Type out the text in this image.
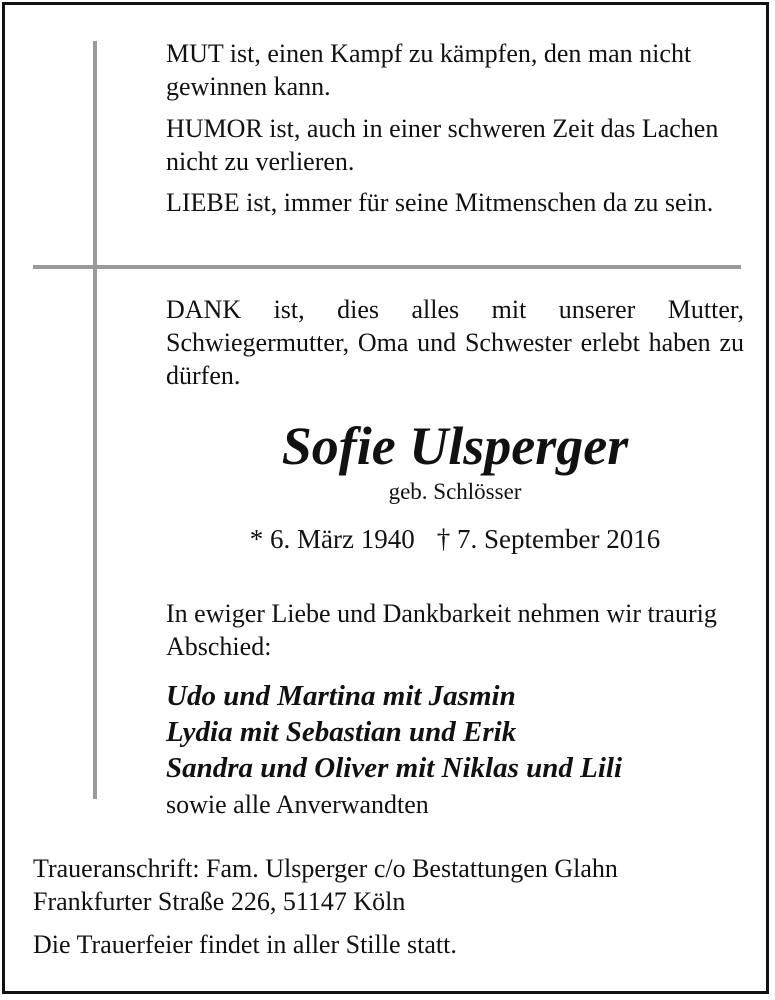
MUT ist, einen Kampf zu kämpfen, den man nicht gewinnen kann.

HUMOR ist, auch in einer schweren Zeit das Lachen nicht zu verlieren.

LIEBE ist, immer für seine Mitmenschen da zu sein.

DANK ist, dies alles mit unserer Mutter, Schwiegermutter, Oma und Schwester erlebt haben zu dürfen.

Sofie Ulsperger
geb. Schlösser
* 6. März 1940 † 7. September 2016

In ewiger Liebe und Dankbarkeit nehmen wir traurig Abschied:

Udo und Martina mit Jasmin
Lydia mit Sebastian und Erik
Sandra und Oliver mit Niklas und Lili
sowie alle Anverwandten
Traueranschrift: Fam. Ulsperger c/o Bestattungen Glahn
Frankfurter Straße 226, 51147 Köln
Die Trauerfeier findet in aller Stille statt.
